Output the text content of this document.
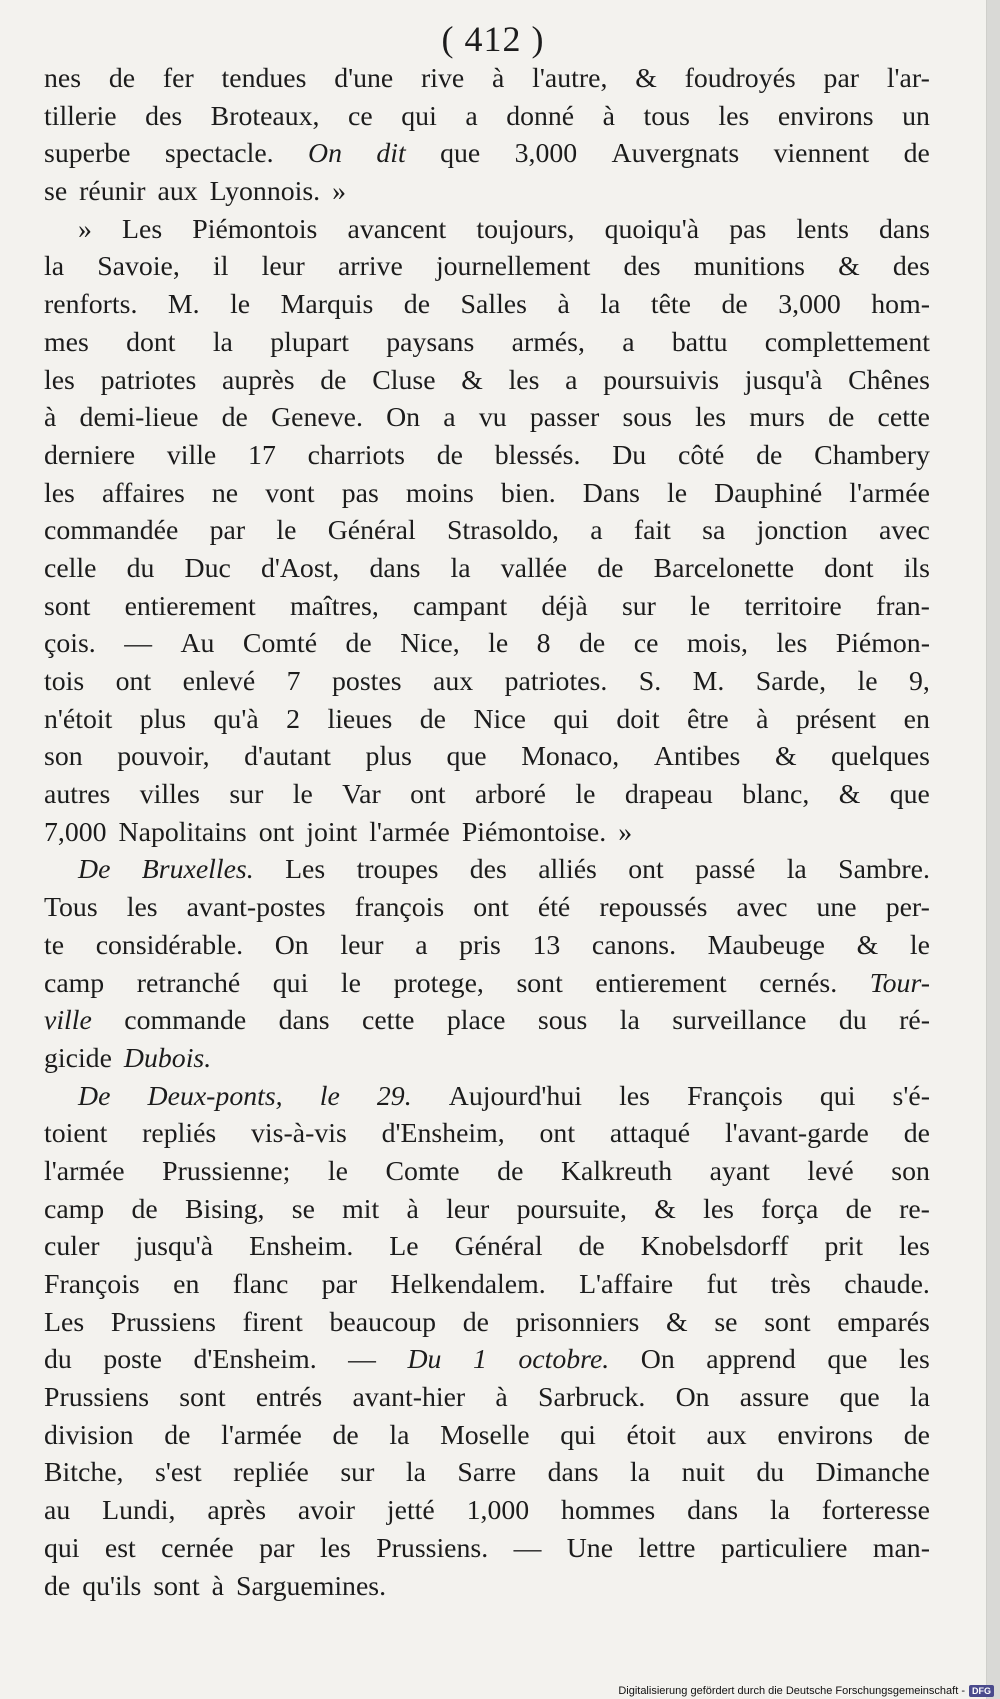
( 412 )
nes de fer tendues d'une rive à l'autre, & foudroyés par l'ar-
tillerie des Broteaux, ce qui a donné à tous les environs un
superbe spectacle. On dit que 3,000 Auvergnats viennent de
se réunir aux Lyonnois. »
» Les Piémontois avancent toujours, quoiqu'à pas lents dans
la Savoie, il leur arrive journellement des munitions & des
renforts. M. le Marquis de Salles à la tête de 3,000 hom-
mes dont la plupart paysans armés, a battu complettement
les patriotes auprès de Cluse & les a poursuivis jusqu'à Chênes
à demi-lieue de Geneve. On a vu passer sous les murs de cette
derniere ville 17 charriots de blessés. Du côté de Chambery
les affaires ne vont pas moins bien. Dans le Dauphiné l'armée
commandée par le Général Strasoldo, a fait sa jonction avec
celle du Duc d'Aost, dans la vallée de Barcelonette dont ils
sont entierement maîtres, campant déjà sur le territoire fran-
çois. — Au Comté de Nice, le 8 de ce mois, les Piémon-
tois ont enlevé 7 postes aux patriotes. S. M. Sarde, le 9,
n'étoit plus qu'à 2 lieues de Nice qui doit être à présent en
son pouvoir, d'autant plus que Monaco, Antibes & quelques
autres villes sur le Var ont arboré le drapeau blanc, & que
7,000 Napolitains ont joint l'armée Piémontoise. »
De Bruxelles. Les troupes des alliés ont passé la Sambre.
Tous les avant-postes françois ont été repoussés avec une per-
te considérable. On leur a pris 13 canons. Maubeuge & le
camp retranché qui le protege, sont entierement cernés. Tour-
ville commande dans cette place sous la surveillance du ré-
gicide Dubois.
De Deux-ponts, le 29. Aujourd'hui les François qui s'é-
toient repliés vis-à-vis d'Ensheim, ont attaqué l'avant-garde de
l'armée Prussienne; le Comte de Kalkreuth ayant levé son
camp de Bising, se mit à leur poursuite, & les força de re-
culer jusqu'à Ensheim. Le Général de Knobelsdorff prit les
François en flanc par Helkendalem. L'affaire fut très chaude.
Les Prussiens firent beaucoup de prisonniers & se sont emparés
du poste d'Ensheim. — Du 1 octobre. On apprend que les
Prussiens sont entrés avant-hier à Sarbruck. On assure que la
division de l'armée de la Moselle qui étoit aux environs de
Bitche, s'est repliée sur la Sarre dans la nuit du Dimanche
au Lundi, après avoir jetté 1,000 hommes dans la forteresse
qui est cernée par les Prussiens. — Une lettre particuliere man-
de qu'ils sont à Sarguemines.
Digitalisierung gefördert durch die Deutsche Forschungsgemeinschaft - DFG
